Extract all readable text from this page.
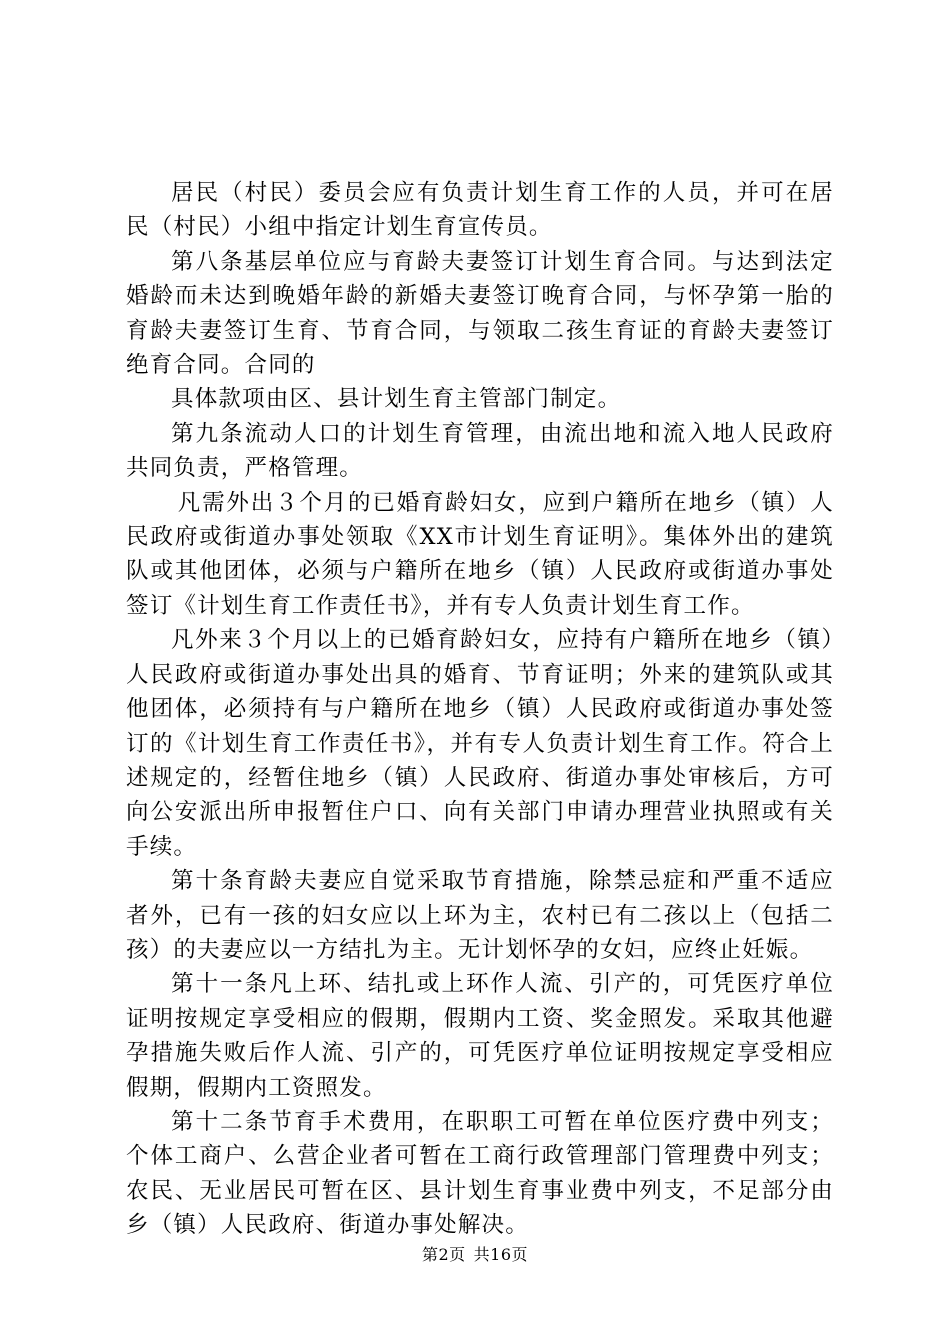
居民（村民）委员会应有负责计划生育工作的人员，并可在居民（村民）小组中指定计划生育宣传员。

第八条基层单位应与育龄夫妻签订计划生育合同。与达到法定婚龄而未达到晚婚年龄的新婚夫妻签订晚育合同，与怀孕第一胎的育龄夫妻签订生育、节育合同，与领取二孩生育证的育龄夫妻签订绝育合同。合同的

具体款项由区、县计划生育主管部门制定。

第九条流动人口的计划生育管理，由流出地和流入地人民政府共同负责，严格管理。

凡需外出３个月的已婚育龄妇女，应到户籍所在地乡（镇）人民政府或街道办事处领取《XX市计划生育证明》。集体外出的建筑队或其他团体，必须与户籍所在地乡（镇）人民政府或街道办事处签订《计划生育工作责任书》，并有专人负责计划生育工作。

凡外来３个月以上的已婚育龄妇女，应持有户籍所在地乡（镇）人民政府或街道办事处出具的婚育、节育证明；外来的建筑队或其他团体，必须持有与户籍所在地乡（镇）人民政府或街道办事处签订的《计划生育工作责任书》，并有专人负责计划生育工作。符合上述规定的，经暂住地乡（镇）人民政府、街道办事处审核后，方可向公安派出所申报暂住户口、向有关部门申请办理营业执照或有关手续。

第十条育龄夫妻应自觉采取节育措施，除禁忌症和严重不适应者外，已有一孩的妇女应以上环为主，农村已有二孩以上（包括二孩）的夫妻应以一方结扎为主。无计划怀孕的女妇，应终止妊娠。

第十一条凡上环、结扎或上环作人流、引产的，可凭医疗单位证明按规定享受相应的假期，假期内工资、奖金照发。采取其他避孕措施失败后作人流、引产的，可凭医疗单位证明按规定享受相应假期，假期内工资照发。

第十二条节育手术费用，在职职工可暂在单位医疗费中列支；个体工商户、么营企业者可暂在工商行政管理部门管理费中列支；农民、无业居民可暂在区、县计划生育事业费中列支，不足部分由乡（镇）人民政府、街道办事处解决。

第2页 共16页
